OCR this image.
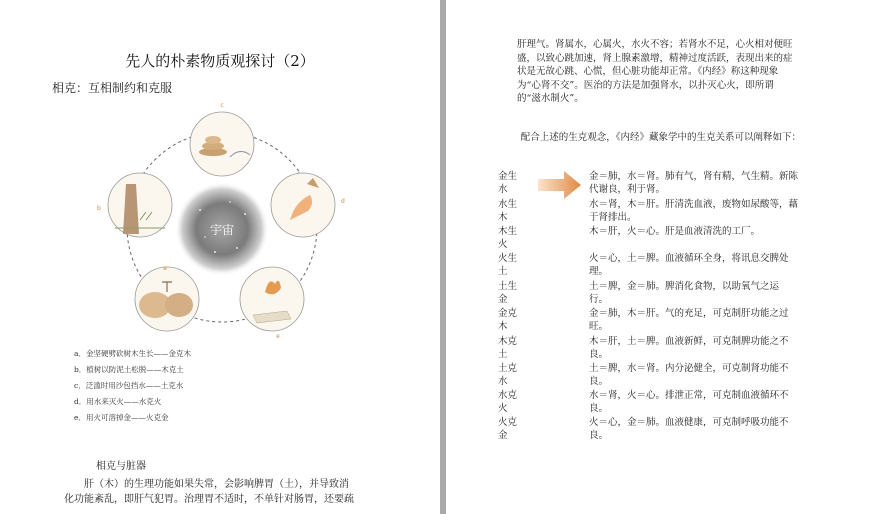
先人的朴素物质观探讨（2）
相克：互相制约和克服
宇宙
c
d
e
a
b
a．金坚硬劈砍树木生长——金克木
b．植树以防泥土松脱——木克土
c．泛滥时用沙包挡水——土克水
d．用水来灭火——水克火
e．用火可溶掉金——火克金
相克与脏器
肝（木）的生理功能如果失常，会影响脾胃（土），并导致消
化功能紊乱，即肝气犯胃。治理胃不适时，不单针对肠胃，还要疏
肝理气。肾属水，心属火，水火不容；若肾水不足，心火相对便旺
盛，以致心跳加速，肾上腺素激增，精神过度活跃，表现出来的症
状是无故心跳、心慌，但心脏功能却正常。《内经》称这种现象
为“心肾不交”。医治的方法是加强肾水，以扑灭心火，即所谓
的“滋水制火”。
配合上述的生克观念，《内经》藏象学中的生克关系可以阐释如下：
金生
水
金＝肺，水＝肾。肺有气，肾有精，气生精。新陈
代谢良，利于肾。
水生
木
水＝肾，木＝肝。肝清洗血液，废物如尿酸等，藉
于肾排出。
木生
火
木＝肝，火＝心。肝是血液清洗的工厂。
火生
土
火＝心，土＝脾。血液循环全身，将讯息交脾处
理。
土生
金
土＝脾，金＝肺。脾消化食物，以助氧气之运
行。
金克
木
金＝肺，木＝肝。气的充足，可克制肝功能之过
旺。
木克
土
木＝肝，土＝脾。血液新鲜，可克制脾功能之不
良。
土克
水
土＝脾，水＝肾。内分泌健全，可克制肾功能不
良。
水克
火
水＝肾，火＝心。排泄正常，可克制血液循环不
良。
火克
金
火＝心，金＝肺。血液健康，可克制呼吸功能不
良。
